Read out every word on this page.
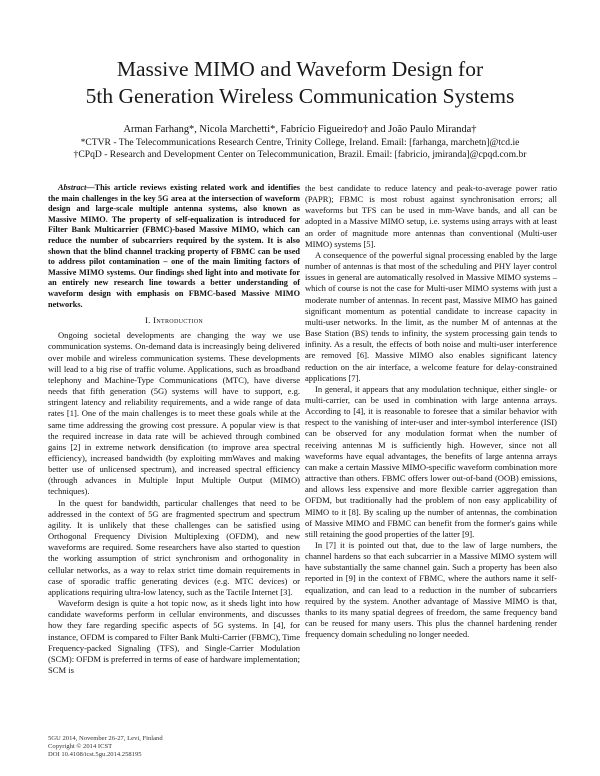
Massive MIMO and Waveform Design for
5th Generation Wireless Communication Systems
Arman Farhang*, Nicola Marchetti*, Fabrício Figueiredo† and João Paulo Miranda†
*CTVR - The Telecommunications Research Centre, Trinity College, Ireland. Email: [farhanga, marchetn]@tcd.ie
†CPqD - Research and Development Center on Telecommunication, Brazil. Email: [fabricio, jmiranda]@cpqd.com.br

Abstract—This article reviews existing related work and identifies the main challenges in the key 5G area at the intersection of waveform design and large-scale multiple antenna systems, also known as Massive MIMO. The property of self-equalization is introduced for Filter Bank Multicarrier (FBMC)-based Massive MIMO, which can reduce the number of subcarriers required by the system. It is also shown that the blind channel tracking property of FBMC can be used to address pilot contamination – one of the main limiting factors of Massive MIMO systems. Our findings shed light into and motivate for an entirely new research line towards a better understanding of waveform design with emphasis on FBMC-based Massive MIMO networks.

I. Introduction

Ongoing societal developments are changing the way we use communication systems. On-demand data is increasingly being delivered over mobile and wireless communication systems. These developments will lead to a big rise of traffic volume. Applications, such as broadband telephony and Machine-Type Communications (MTC), have diverse needs that fifth generation (5G) systems will have to support, e.g. stringent latency and reliability requirements, and a wide range of data rates [1]. One of the main challenges is to meet these goals while at the same time addressing the growing cost pressure. A popular view is that the required increase in data rate will be achieved through combined gains [2] in extreme network densification (to improve area spectral efficiency), increased bandwidth (by exploiting mmWaves and making better use of unlicensed spectrum), and increased spectral efficiency (through advances in Multiple Input Multiple Output (MIMO) techniques).

In the quest for bandwidth, particular challenges that need to be addressed in the context of 5G are fragmented spectrum and spectrum agility. It is unlikely that these challenges can be satisfied using Orthogonal Frequency Division Multiplexing (OFDM), and new waveforms are required. Some researchers have also started to question the working assumption of strict synchronism and orthogonality in cellular networks, as a way to relax strict time domain requirements in case of sporadic traffic generating devices (e.g. MTC devices) or applications requiring ultra-low latency, such as the Tactile Internet [3].

Waveform design is quite a hot topic now, as it sheds light into how candidate waveforms perform in cellular environments, and discusses how they fare regarding specific aspects of 5G systems. In [4], for instance, OFDM is compared to Filter Bank Multi-Carrier (FBMC), Time Frequency-packed Signaling (TFS), and Single-Carrier Modulation (SCM): OFDM is preferred in terms of ease of hardware implementation; SCM is

the best candidate to reduce latency and peak-to-average power ratio (PAPR); FBMC is most robust against synchronisation errors; all waveforms but TFS can be used in mm-Wave bands, and all can be adopted in a Massive MIMO setup, i.e. systems using arrays with at least an order of magnitude more antennas than conventional (Multi-user MIMO) systems [5].

A consequence of the powerful signal processing enabled by the large number of antennas is that most of the scheduling and PHY layer control issues in general are automatically resolved in Massive MIMO systems – which of course is not the case for Multi-user MIMO systems with just a moderate number of antennas. In recent past, Massive MIMO has gained significant momentum as potential candidate to increase capacity in multi-user networks. In the limit, as the number M of antennas at the Base Station (BS) tends to infinity, the system processing gain tends to infinity. As a result, the effects of both noise and multi-user interference are removed [6]. Massive MIMO also enables significant latency reduction on the air interface, a welcome feature for delay-constrained applications [7].

In general, it appears that any modulation technique, either single- or multi-carrier, can be used in combination with large antenna arrays. According to [4], it is reasonable to foresee that a similar behavior with respect to the vanishing of inter-user and inter-symbol interference (ISI) can be observed for any modulation format when the number of receiving antennas M is sufficiently high. However, since not all waveforms have equal advantages, the benefits of large antenna arrays can make a certain Massive MIMO-specific waveform combination more attractive than others. FBMC offers lower out-of-band (OOB) emissions, and allows less expensive and more flexible carrier aggregation than OFDM, but traditionally had the problem of non easy applicability of MIMO to it [8]. By scaling up the number of antennas, the combination of Massive MIMO and FBMC can benefit from the former's gains while still retaining the good properties of the latter [9].

In [7] it is pointed out that, due to the law of large numbers, the channel hardens so that each subcarrier in a Massive MIMO system will have substantially the same channel gain. Such a property has been also reported in [9] in the context of FBMC, where the authors name it self-equalization, and can lead to a reduction in the number of subcarriers required by the system. Another advantage of Massive MIMO is that, thanks to its many spatial degrees of freedom, the same frequency band can be reused for many users. This plus the channel hardening render frequency domain scheduling no longer needed.

5GU 2014, November 26-27, Levi, Finland
Copyright © 2014 ICST
DOI 10.4108/icst.5gu.2014.258195
